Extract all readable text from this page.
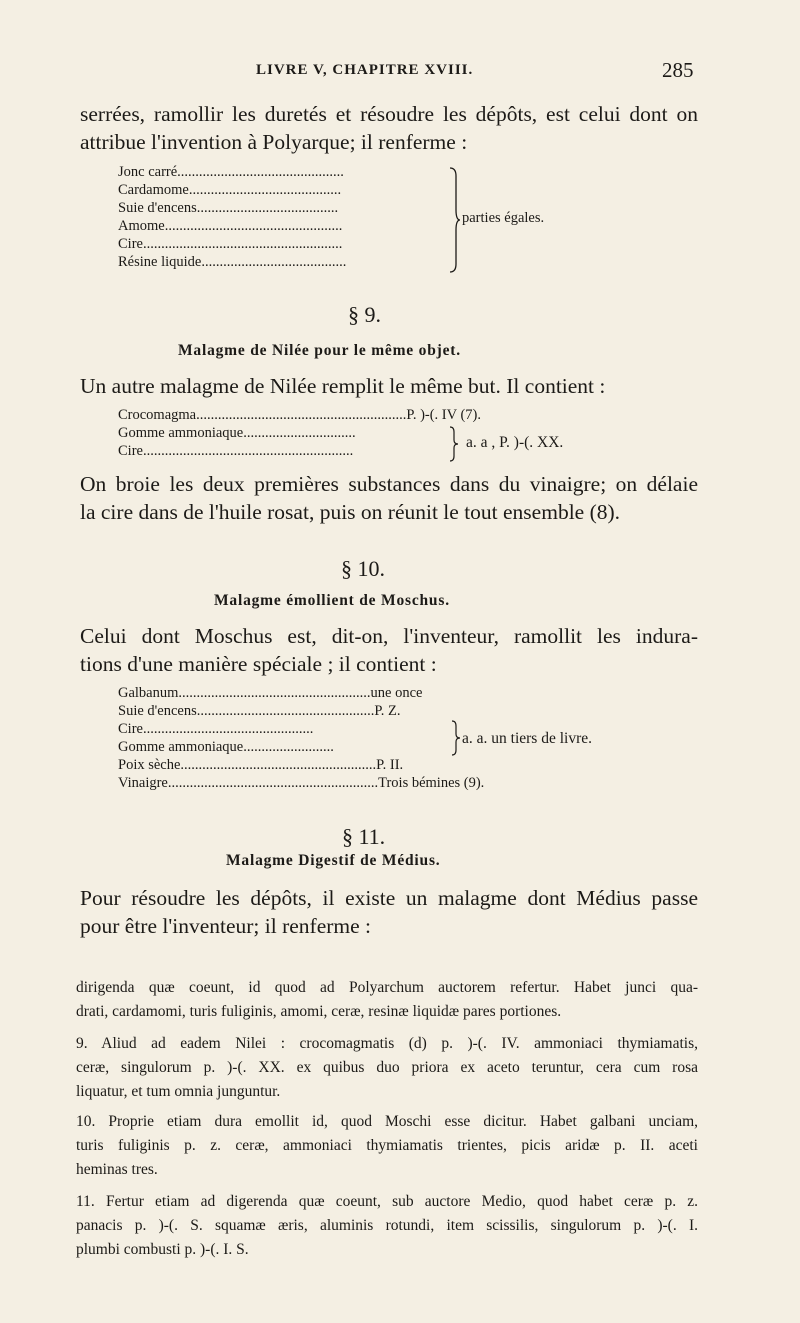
LIVRE V, CHAPITRE XVIII.	285
serrées, ramollir les duretés et résoudre les dépôts, est celui dont on
attribue l'invention à Polyarque; il renferme :
Jonc carré..............................................
Cardamome..........................................
Suie d'encens.......................................
Amome.................................................
Cire.......................................................
Résine liquide........................................
parties égales.
§ 9.
Malagme de Nilée pour le même objet.
Un autre malagme de Nilée remplit le même but. Il contient :
Crocomagma..........................................................P. )-(. IV (7).
Gomme ammoniaque...............................
Cire..........................................................	a. a , P. )-(. XX.
On broie les deux premières substances dans du vinaigre; on délaie
la cire dans de l'huile rosat, puis on réunit le tout ensemble (8).
§ 10.
Malagme émollient de Moschus.
Celui dont Moschus est, dit-on, l'inventeur, ramollit les indura-
tions d'une manière spéciale ; il contient :
Galbanum.....................................................une once
Suie d'encens.................................................P. Z.
Cire...............................................
Gomme ammoniaque.........................
Poix sèche......................................................P. II.
Vinaigre..........................................................Trois bémines (9).
a. a. un tiers de livre.
§ 11.
Malagme Digestif de Médius.
Pour résoudre les dépôts, il existe un malagme dont Médius passe
pour être l'inventeur; il renferme :
dirigenda quæ coeunt, id quod ad Polyarchum auctorem refertur. Habet junci qua-
drati, cardamomi, turis fuliginis, amomi, ceræ, resinæ liquidæ pares portiones.
9. Aliud ad eadem Nilei : crocomagmatis (d) p. )-(. IV. ammoniaci thymiamatis,
ceræ, singulorum p. )-(. XX. ex quibus duo priora ex aceto teruntur, cera cum rosa
liquatur, et tum omnia junguntur.
10. Proprie etiam dura emollit id, quod Moschi esse dicitur. Habet galbani unciam,
turis fuliginis p. z. ceræ, ammoniaci thymiamatis trientes, picis aridæ p. II. aceti
heminas tres.
11. Fertur etiam ad digerenda quæ coeunt, sub auctore Medio, quod habet ceræ p. z.
panacis p. )-(. S. squamæ æris, aluminis rotundi, item scissilis, singulorum p. )-(. I.
plumbi combusti p. )-(. I. S.
